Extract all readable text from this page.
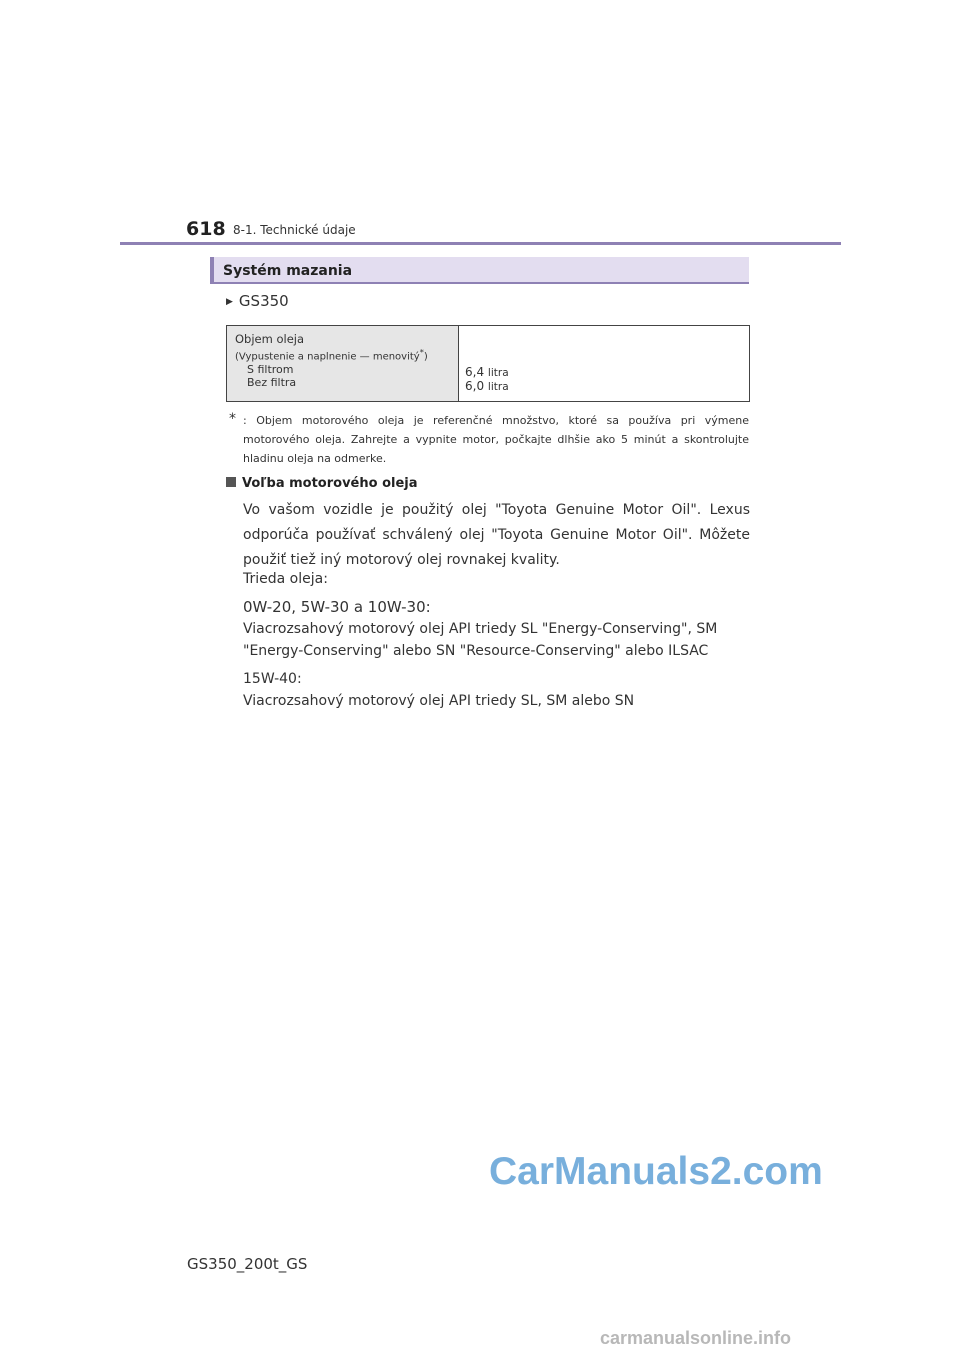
618 8-1. Technické údaje
Systém mazania
▶ GS350
Objem oleja
(Vypustenie a naplnenie — menovitý*)
S filtrom
Bez filtra
6,4 litra
6,0 litra
* : Objem motorového oleja je referenčné množstvo, ktoré sa používa pri výmene motorového oleja. Zahrejte a vypnite motor, počkajte dlhšie ako 5 minút a skontrolujte hladinu oleja na odmerke.
Voľba motorového oleja
Vo vašom vozidle je použitý olej "Toyota Genuine Motor Oil". Lexus odporúča používať schválený olej "Toyota Genuine Motor Oil". Môžete použiť tiež iný motorový olej rovnakej kvality.
Trieda oleja:
0W-20, 5W-30 a 10W-30:
Viacrozsahový motorový olej API triedy SL "Energy-Conserving", SM "Energy-Conserving" alebo SN "Resource-Conserving" alebo ILSAC
15W-40:
Viacrozsahový motorový olej API triedy SL, SM alebo SN
CarManuals2.com
GS350_200t_GS
carmanualsonline.info
